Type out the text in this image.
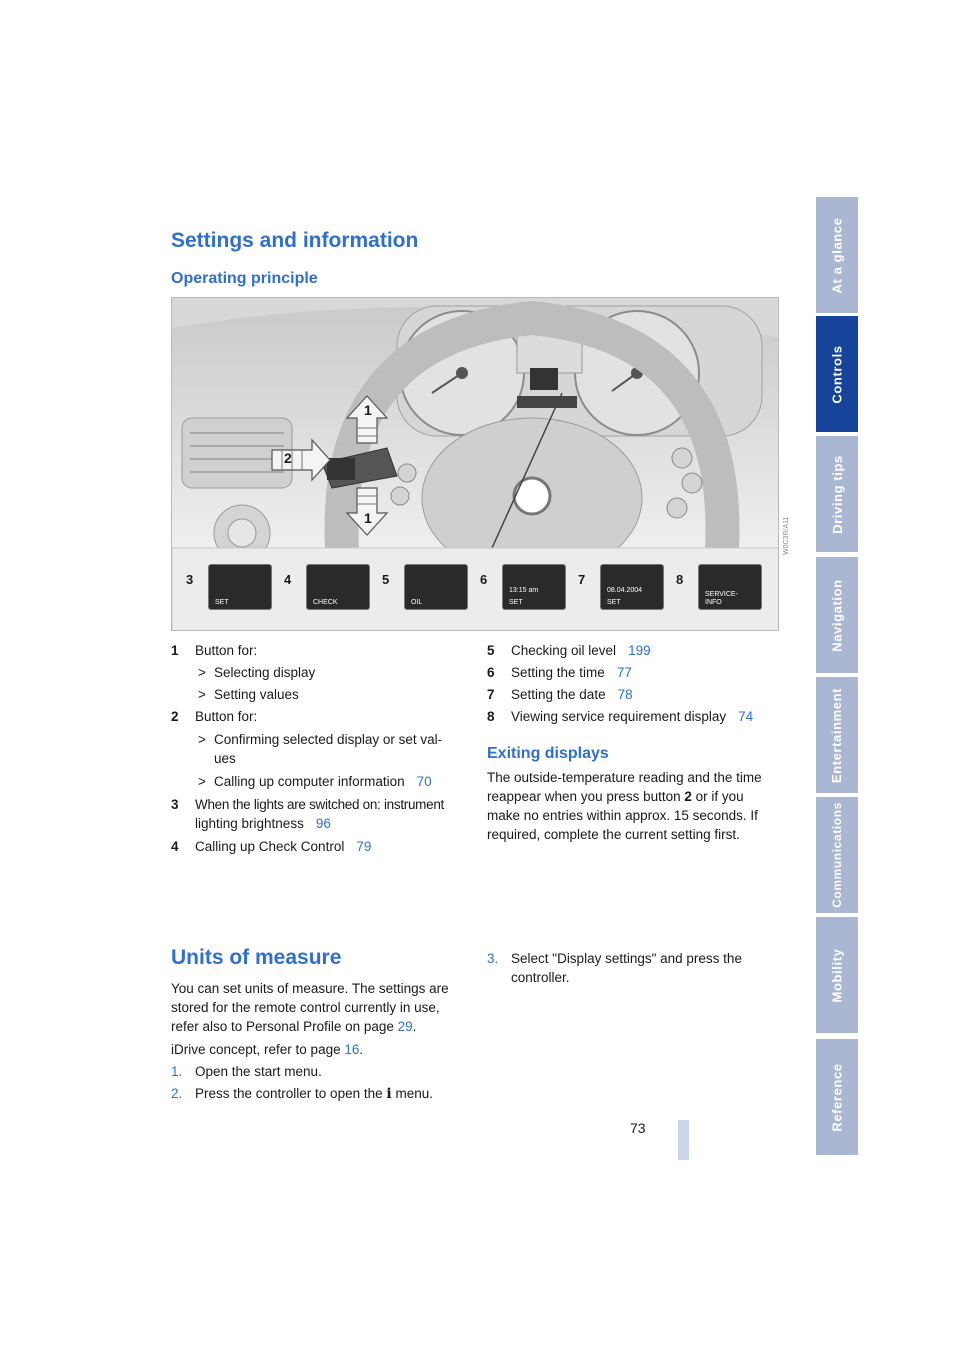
At a glance
Controls
Driving tips
Navigation
Entertainment
Communications
Mobility
Reference
Settings and information
Operating principle
1
2
1
3
SET
4
CHECK
5
OIL
6
13:15 am
SET
7
08.04.2004
SET
8
SERVICE-
INFO
W0C3R/A11
1 Button for:
> Selecting display
> Setting values
2 Button for:
> Confirming selected display or set val-
ues
> Calling up computer information 70
3 When the lights are switched on: instrument
lighting brightness 96
4 Calling up Check Control 79
5 Checking oil level 199
6 Setting the time 77
7 Setting the date 78
8 Viewing service requirement display 74
Exiting displays
The outside-temperature reading and the time
reappear when you press button 2 or if you
make no entries within approx. 15 seconds. If
required, complete the current setting first.
Units of measure
You can set units of measure. The settings are
stored for the remote control currently in use,
refer also to Personal Profile on page 29.
iDrive concept, refer to page 16.
1. Open the start menu.
2. Press the controller to open the i menu.
3. Select "Display settings" and press the
controller.
73
